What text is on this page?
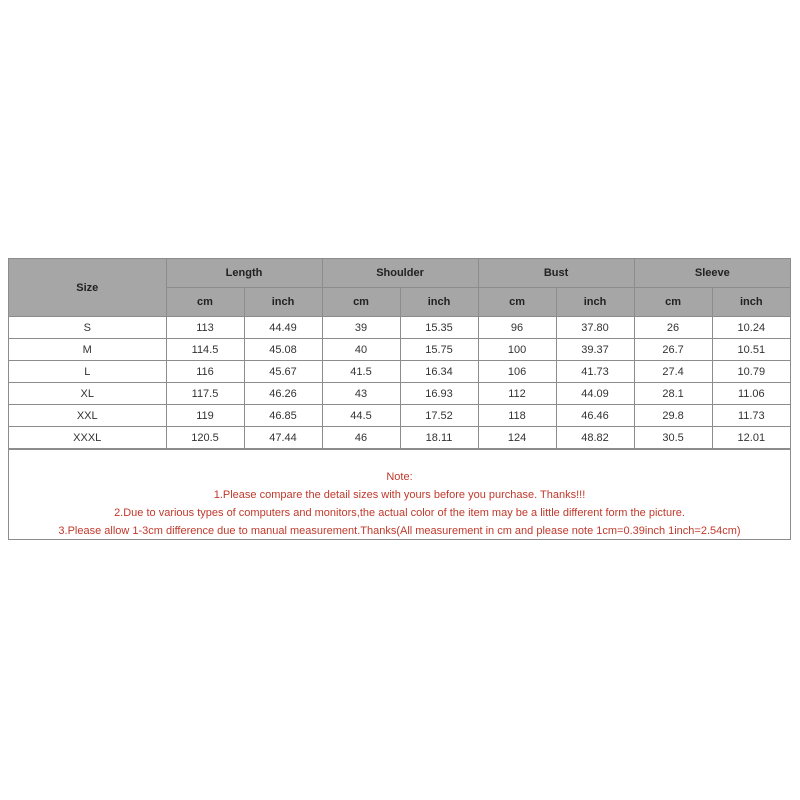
Size	Length		Shoulder		Bust		Sleeve	
	cm	inch	cm	inch	cm	inch	cm	inch
S	113	44.49	39	15.35	96	37.80	26	10.24
M	114.5	45.08	40	15.75	100	39.37	26.7	10.51
L	116	45.67	41.5	16.34	106	41.73	27.4	10.79
XL	117.5	46.26	43	16.93	112	44.09	28.1	11.06
XXL	119	46.85	44.5	17.52	118	46.46	29.8	11.73
XXXL	120.5	47.44	46	18.11	124	48.82	30.5	12.01
Note:
1.Please compare the detail sizes with yours before you purchase. Thanks!!!
2.Due to various types of computers and monitors,the actual color of the item may be a little different form the picture.
3.Please allow 1-3cm difference due to manual measurement.Thanks(All measurement in cm and please note 1cm=0.39inch 1inch=2.54cm)
